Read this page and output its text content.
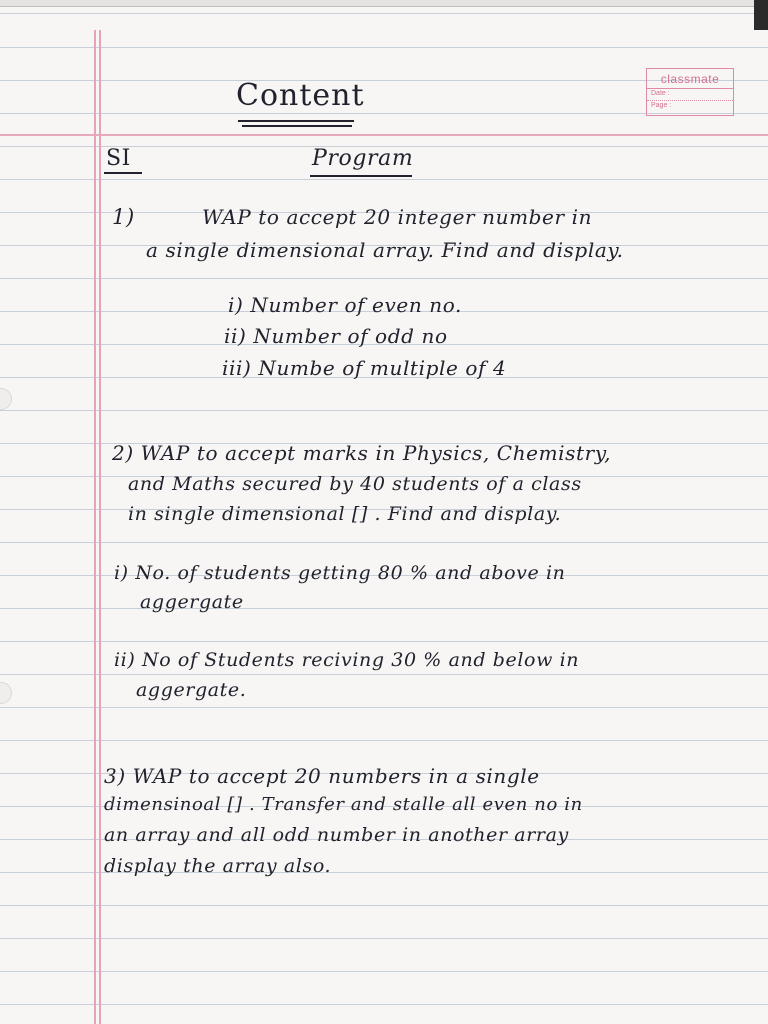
classmate
Date :
Page :
Content
SI	Program
1)	WAP to accept 20 integer number in
a single dimensional array. Find and display.
i) Number of even no.
ii) Number of odd no
iii) Numbe of multiple of 4
2) WAP to accept marks in Physics, Chemistry,
and Maths secured by 40 students of a class
in single dimensional [] . Find and display.
i) No. of students getting 80 % and above in
aggergate
ii) No of Students reciving 30 % and below in
aggergate.
3) WAP to accept 20 numbers in a single
dimensinoal [] . Transfer and stalle all even no in
an array and all odd number in another array
display the array also.
